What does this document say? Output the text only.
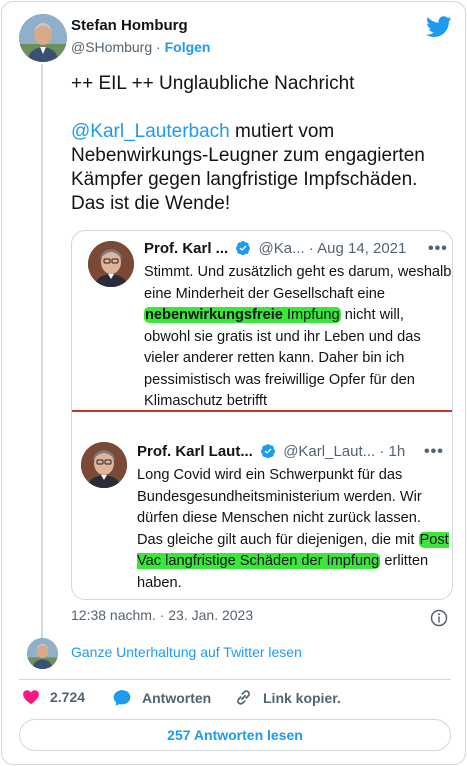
Stefan Homburg
@SHomburg · Folgen

++ EIL ++ Unglaubliche Nachricht

@Karl_Lauterbach mutiert vom Nebenwirkungs-Leugner zum engagierten Kämpfer gegen langfristige Impfschäden. Das ist die Wende!

Prof. Karl ... @Ka... · Aug 14, 2021 •••
Stimmt. Und zusätzlich geht es darum, weshalb eine Minderheit der Gesellschaft eine nebenwirkungsfreie Impfung nicht will, obwohl sie gratis ist und ihr Leben und das vieler anderer retten kann. Daher bin ich pessimistisch was freiwillige Opfer für den Klimaschutz betrifft
Prof. Karl Laut... @Karl_Laut... · 1h •••
Long Covid wird ein Schwerpunkt für das Bundesgesundheitsministerium werden. Wir dürfen diese Menschen nicht zurück lassen. Das gleiche gilt auch für diejenigen, die mit Post Vac langfristige Schäden der Impfung erlitten haben.
12:38 nachm. · 23. Jan. 2023
Ganze Unterhaltung auf Twitter lesen
2.724	Antworten	Link kopier.
257 Antworten lesen
